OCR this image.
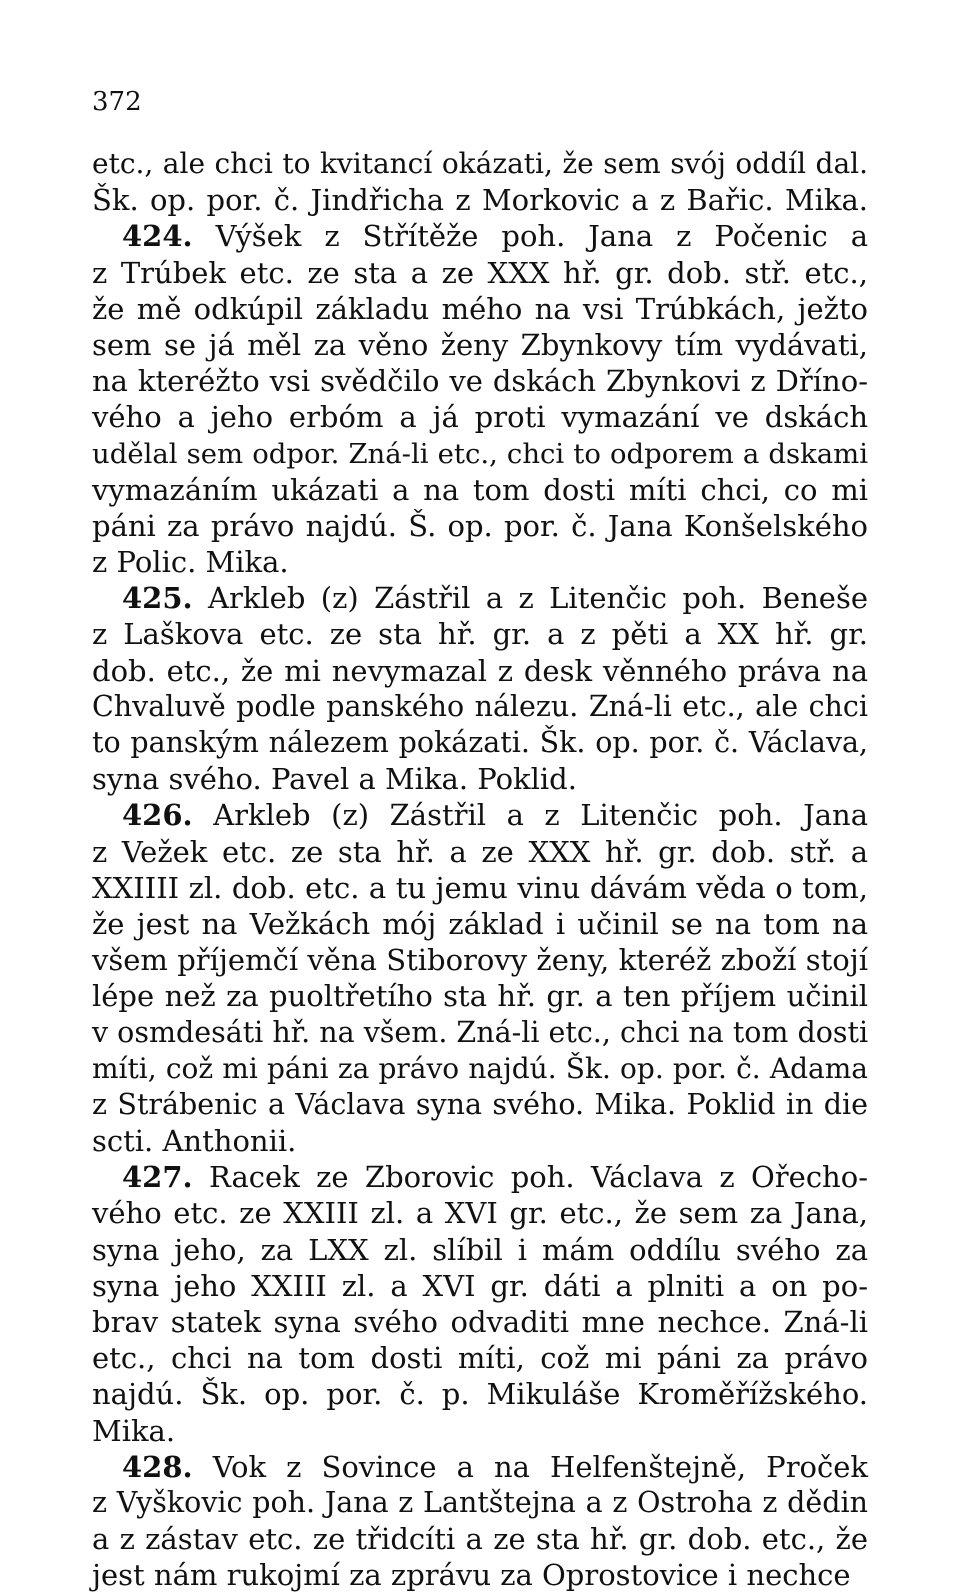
372
etc., ale chci to kvitancí okázati, že sem svój oddíl dal.
Šk. op. por. č. Jindřicha z Morkovic a z Bařic. Mika.
424. Výšek z Střítěže poh. Jana z Počenic a
z Trúbek etc. ze sta a ze XXX hř. gr. dob. stř. etc.,
že mě odkúpil základu mého na vsi Trúbkách, ježto
sem se já měl za věno ženy Zbynkovy tím vydávati,
na kteréžto vsi svědčilo ve dskách Zbynkovi z Dříno-
vého a jeho erbóm a já proti vymazání ve dskách
udělal sem odpor. Zná-li etc., chci to odporem a dskami
vymazáním ukázati a na tom dosti míti chci, co mi
páni za právo najdú. Š. op. por. č. Jana Konšelského
z Polic. Mika.
425. Arkleb (z) Zástřil a z Litenčic poh. Beneše
z Laškova etc. ze sta hř. gr. a z pěti a XX hř. gr.
dob. etc., že mi nevymazal z desk věnného práva na
Chvaluvě podle panského nálezu. Zná-li etc., ale chci
to panským nálezem pokázati. Šk. op. por. č. Václava,
syna svého. Pavel a Mika. Poklid.
426. Arkleb (z) Zástřil a z Litenčic poh. Jana
z Vežek etc. ze sta hř. a ze XXX hř. gr. dob. stř. a
XXIIII zl. dob. etc. a tu jemu vinu dávám věda o tom,
že jest na Vežkách mój základ i učinil se na tom na
všem příjemčí věna Stiborovy ženy, kteréž zboží stojí
lépe než za puoltřetího sta hř. gr. a ten příjem učinil
v osmdesáti hř. na všem. Zná-li etc., chci na tom dosti
míti, což mi páni za právo najdú. Šk. op. por. č. Adama
z Strábenic a Václava syna svého. Mika. Poklid in die
scti. Anthonii.
427. Racek ze Zborovic poh. Václava z Ořecho-
vého etc. ze XXIII zl. a XVI gr. etc., že sem za Jana,
syna jeho, za LXX zl. slíbil i mám oddílu svého za
syna jeho XXIII zl. a XVI gr. dáti a plniti a on po-
brav statek syna svého odvaditi mne nechce. Zná-li
etc., chci na tom dosti míti, což mi páni za právo
najdú. Šk. op. por. č. p. Mikuláše Kroměřížského.
Mika.
428. Vok z Sovince a na Helfenštejně, Proček
z Vyškovic poh. Jana z Lantštejna a z Ostroha z dědin
a z zástav etc. ze třidcíti a ze sta hř. gr. dob. etc., že
jest nám rukojmí za zprávu za Oprostovice i nechce
